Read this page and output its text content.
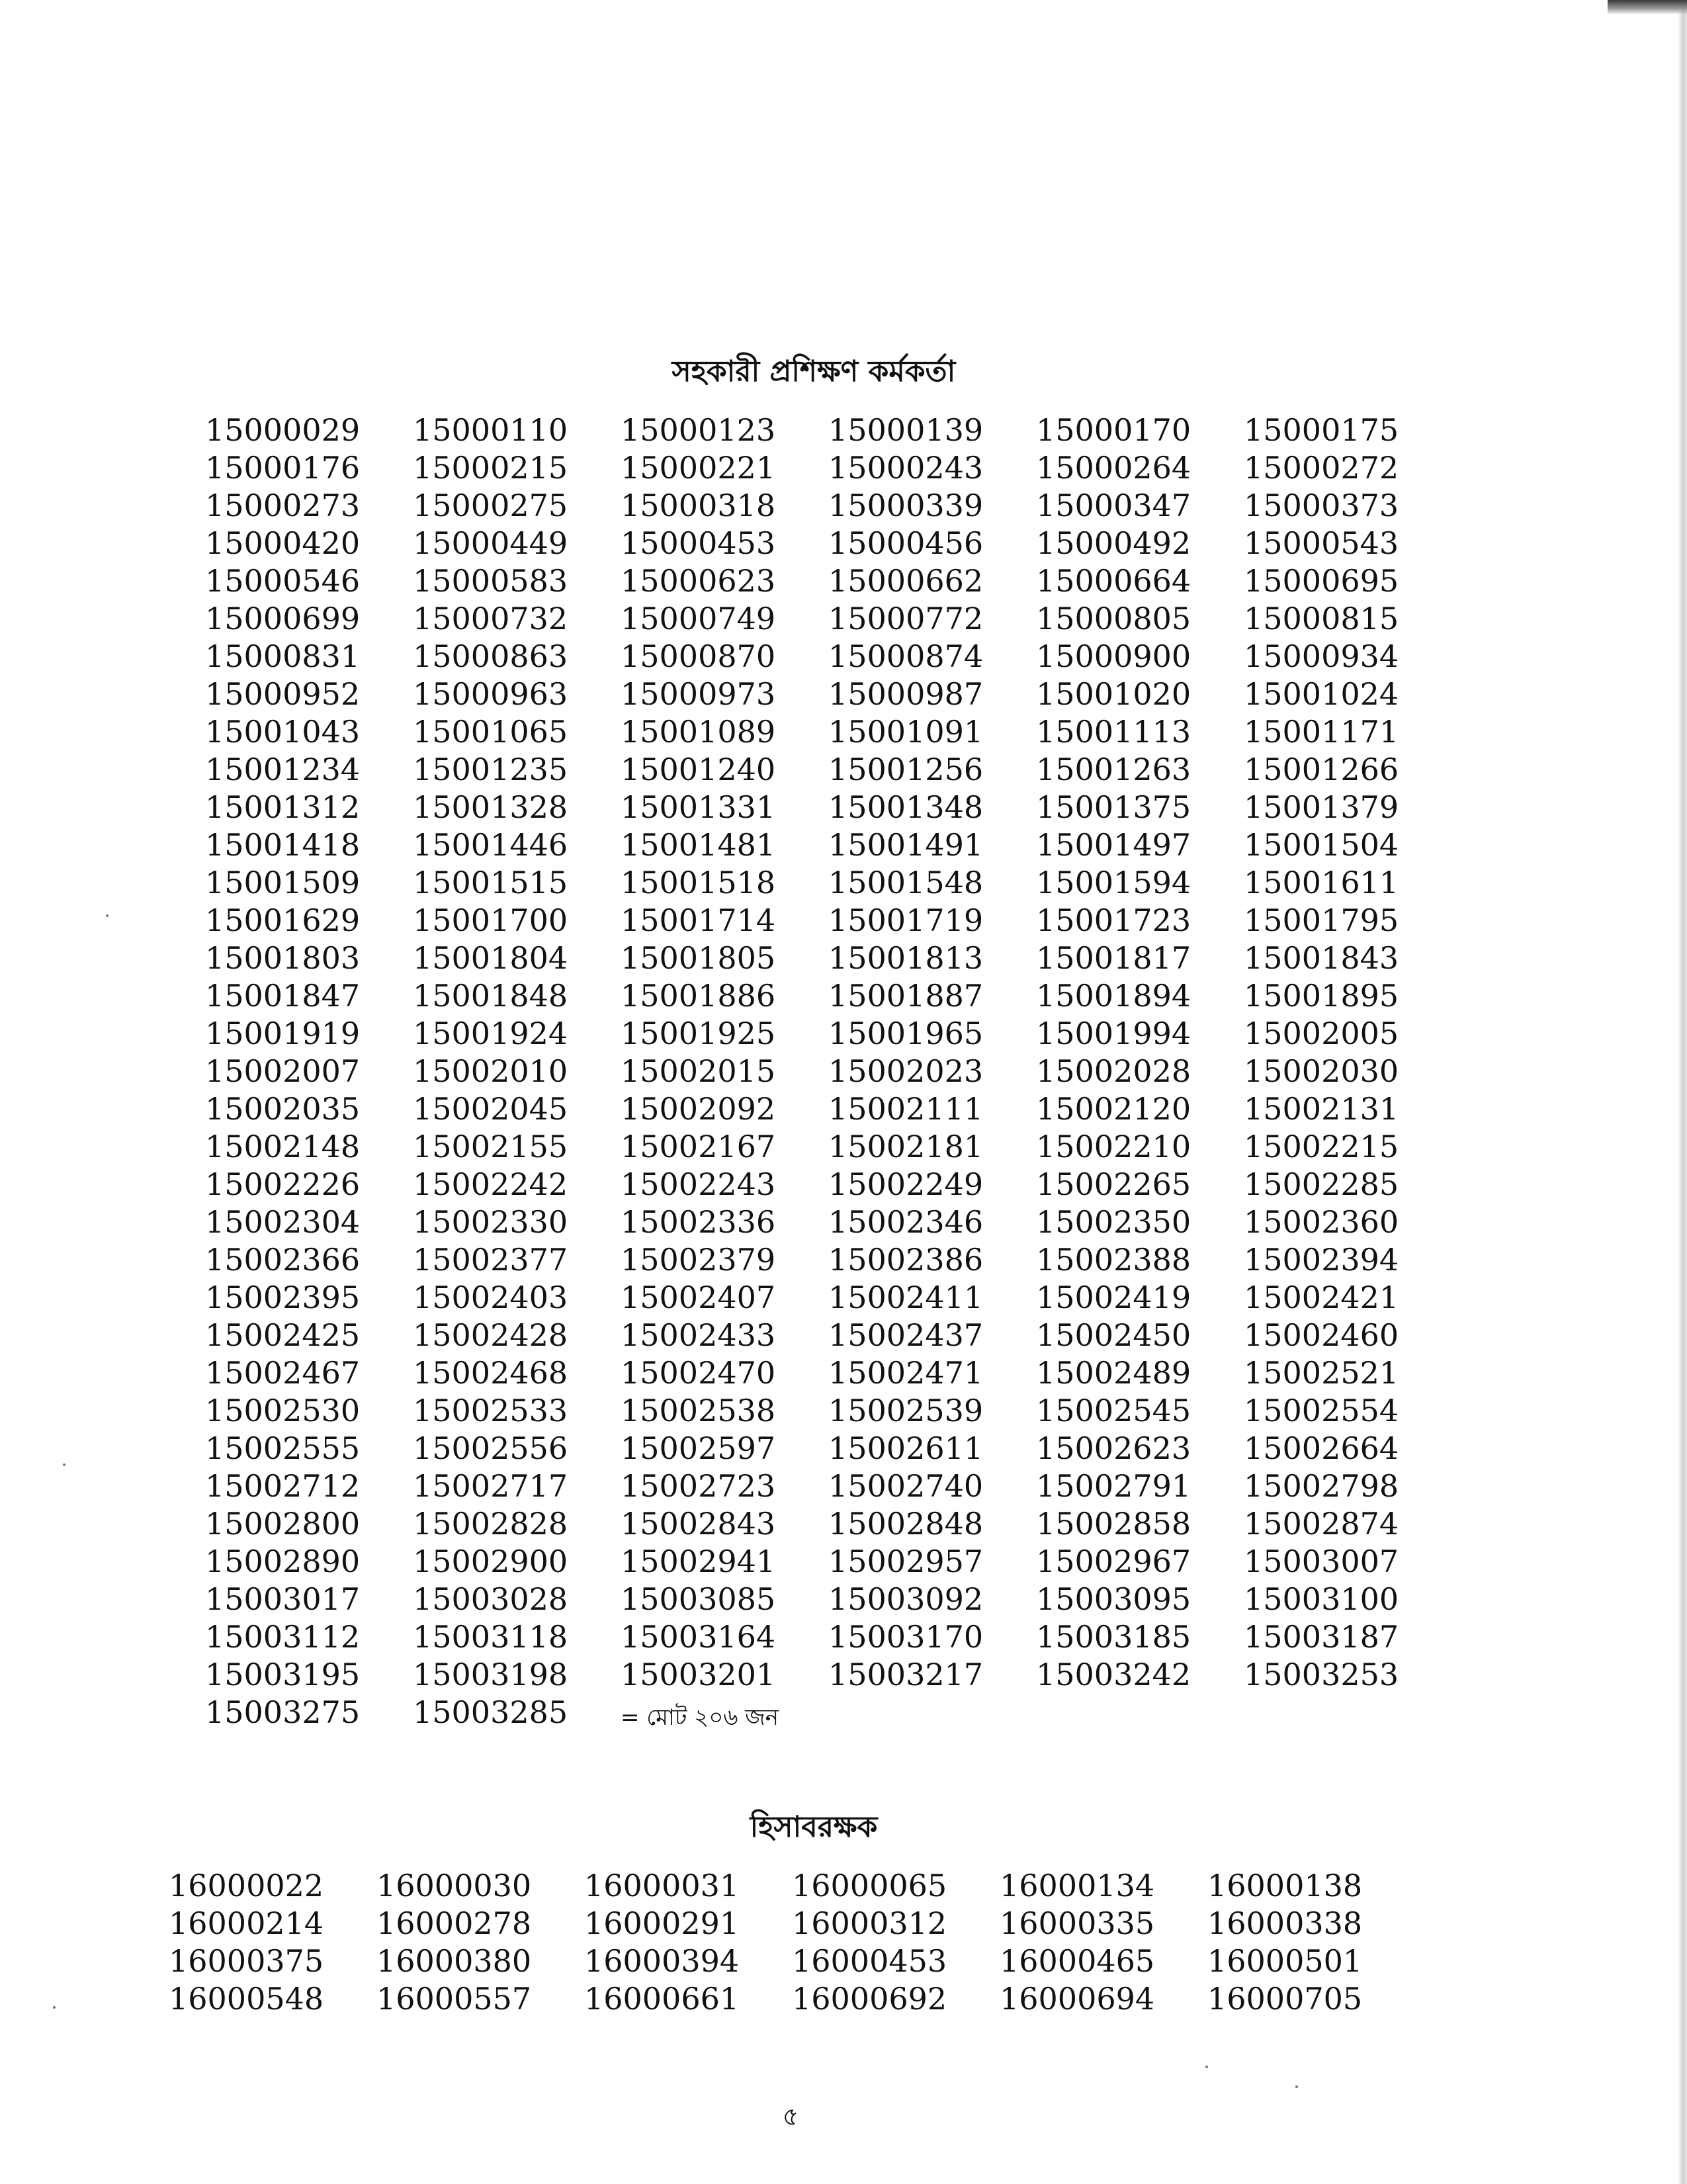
সহকারী প্রশিক্ষণ কর্মকর্তা
15000029	15000110	15000123	15000139	15000170	15000175
15000176	15000215	15000221	15000243	15000264	15000272
15000273	15000275	15000318	15000339	15000347	15000373
15000420	15000449	15000453	15000456	15000492	15000543
15000546	15000583	15000623	15000662	15000664	15000695
15000699	15000732	15000749	15000772	15000805	15000815
15000831	15000863	15000870	15000874	15000900	15000934
15000952	15000963	15000973	15000987	15001020	15001024
15001043	15001065	15001089	15001091	15001113	15001171
15001234	15001235	15001240	15001256	15001263	15001266
15001312	15001328	15001331	15001348	15001375	15001379
15001418	15001446	15001481	15001491	15001497	15001504
15001509	15001515	15001518	15001548	15001594	15001611
15001629	15001700	15001714	15001719	15001723	15001795
15001803	15001804	15001805	15001813	15001817	15001843
15001847	15001848	15001886	15001887	15001894	15001895
15001919	15001924	15001925	15001965	15001994	15002005
15002007	15002010	15002015	15002023	15002028	15002030
15002035	15002045	15002092	15002111	15002120	15002131
15002148	15002155	15002167	15002181	15002210	15002215
15002226	15002242	15002243	15002249	15002265	15002285
15002304	15002330	15002336	15002346	15002350	15002360
15002366	15002377	15002379	15002386	15002388	15002394
15002395	15002403	15002407	15002411	15002419	15002421
15002425	15002428	15002433	15002437	15002450	15002460
15002467	15002468	15002470	15002471	15002489	15002521
15002530	15002533	15002538	15002539	15002545	15002554
15002555	15002556	15002597	15002611	15002623	15002664
15002712	15002717	15002723	15002740	15002791	15002798
15002800	15002828	15002843	15002848	15002858	15002874
15002890	15002900	15002941	15002957	15002967	15003007
15003017	15003028	15003085	15003092	15003095	15003100
15003112	15003118	15003164	15003170	15003185	15003187
15003195	15003198	15003201	15003217	15003242	15003253
15003275	15003285	= মোট ২০৬ জন
হিসাবরক্ষক
16000022	16000030	16000031	16000065	16000134	16000138
16000214	16000278	16000291	16000312	16000335	16000338
16000375	16000380	16000394	16000453	16000465	16000501
16000548	16000557	16000661	16000692	16000694	16000705
৫
